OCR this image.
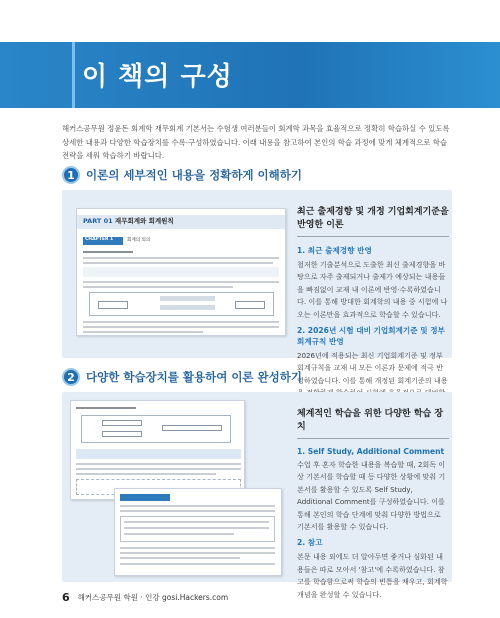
이 책의 구성
해커스공무원 정윤돈 회계학 재무회계 기본서는 수험생 여러분들이 회계학 과목을 효율적으로 정확히 학습하실 수 있도록 상세한 내용과 다양한 학습장치를 수록·구성하였습니다. 이래 내용을 참고하여 본인의 학습 과정에 맞게 체계적으로 학습 전략을 세워 학습하기 바랍니다.
1 이론의 세부적인 내용을 정확하게 이해하기
PART 01 재무회계와 회계원칙
CHAPTER 1	회계의 의의
최근 출제경향 및 개정 기업회계기준을 반영한 이론
1. 최근 출제경향 반영
철저한 기출분석으로 도출한 최신 출제경향을 바탕으로 자주 출제되거나 출제가 예상되는 내용들을 빠짐없이 교재 내 이론에 반영·수록하였습니다. 이를 통해 방대한 회계학의 내용 중 시험에 나오는 이론만을 효과적으로 학습할 수 있습니다.
2. 2026년 시험 대비 기업회계기준 및 정부회계규칙 반영
2026년에 적용되는 최신 기업회계기준 및 정부회계규칙을 교재 내 모든 이론과 문제에 적극 반영하였습니다. 이를 통해 개정된 회계기준의 내용
2 다양한 학습장치를 활용하여 이론 완성하기
체계적인 학습을 위한 다양한 학습 장치
1. Self Study, Additional Comment
수업 후 혼자 학습한 내용을 복습할 때, 2회독 이상 기본서를 학습할 때 등 다양한 상황에 맞춰 기본서를 활용할 수 있도록 Self Study, Additional Comment를 구성하였습니다. 이를 통해 본인의 학습 단계에 맞춰 다양한 방법으로 기본서를 활용할 수 있습니다.
2. 참고
본문 내용 외에도 더 알아두면 좋거나 심화된 내용들은 따로 모아서 '참고'에 수록하였습니다. 참고를 학습함으로써 학습의 빈틈을 채우고, 회계학 개념을 완성할 수 있습니다.
6 해커스공무원 학원 · 인강 gosi.Hackers.com
